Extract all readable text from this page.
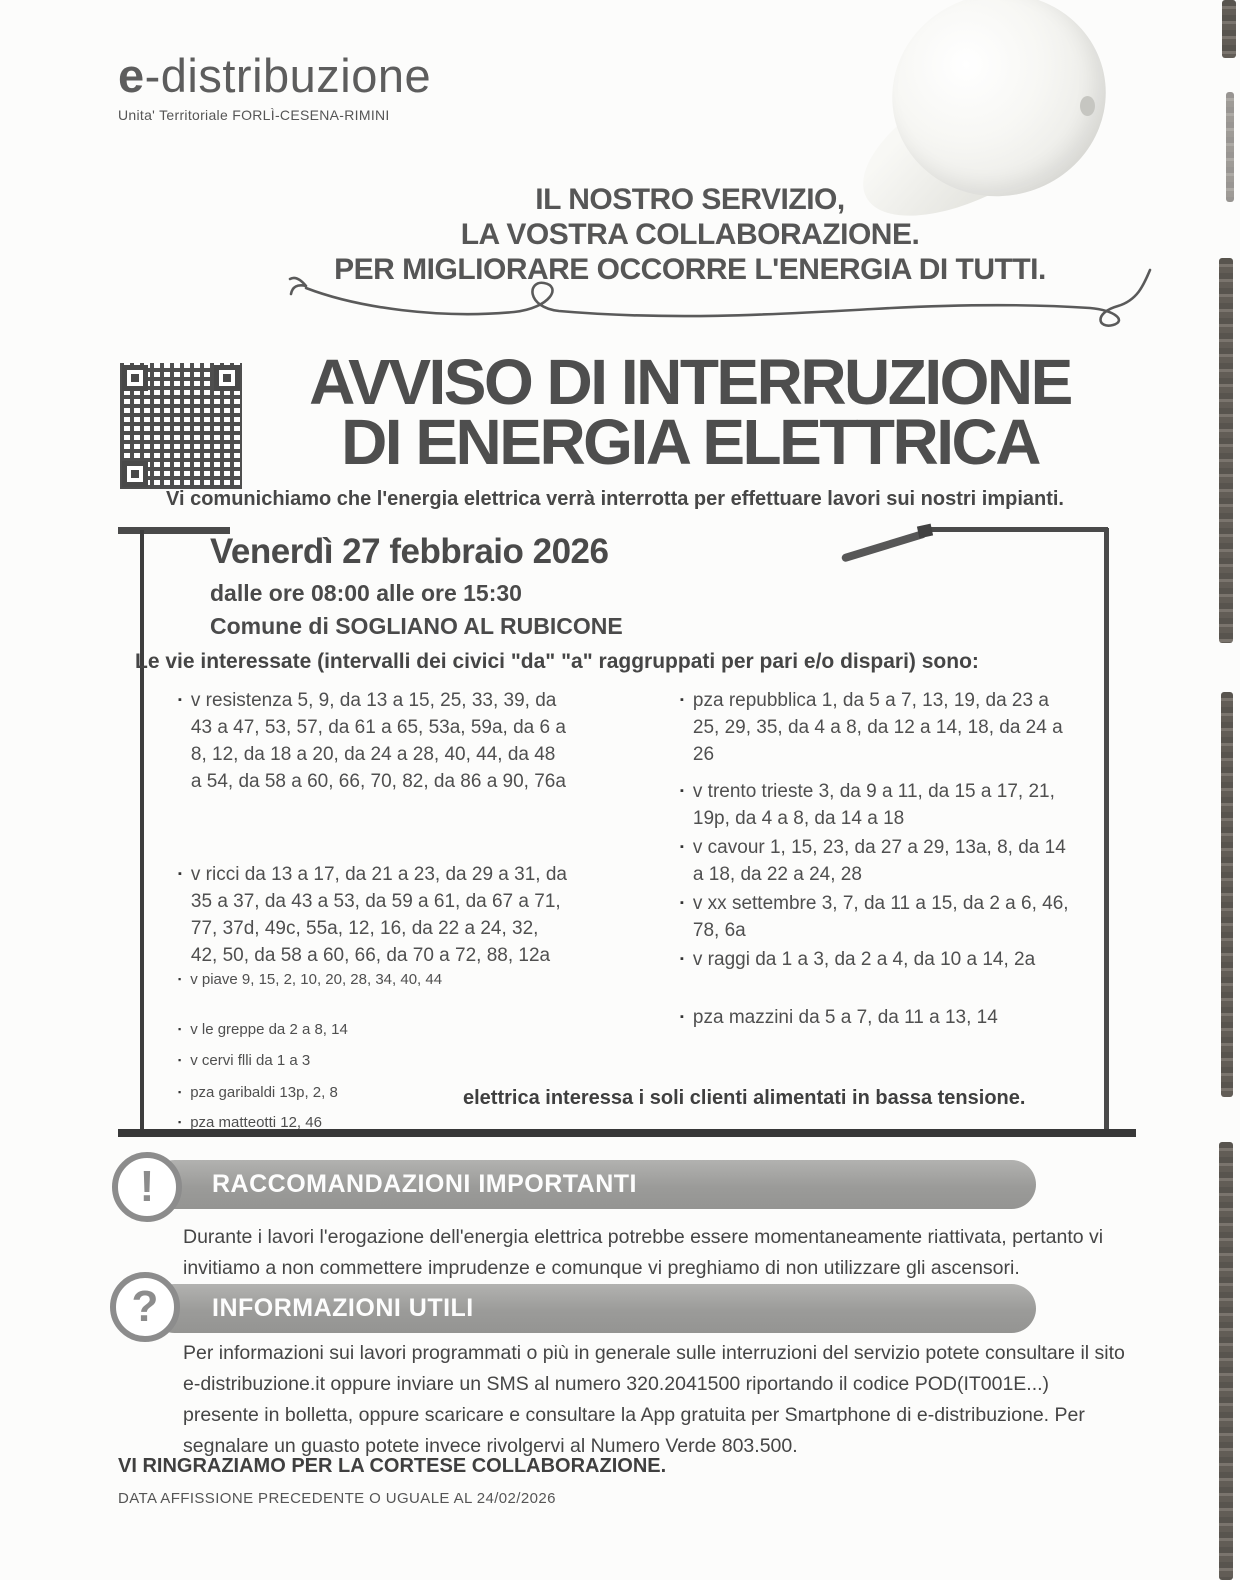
e-distribuzione
Unita' Territoriale FORLÌ-CESENA-RIMINI
IL NOSTRO SERVIZIO,
LA VOSTRA COLLABORAZIONE.
PER MIGLIORARE OCCORRE L'ENERGIA DI TUTTI.
AVVISO DI INTERRUZIONE
DI ENERGIA ELETTRICA
Vi comunichiamo che l'energia elettrica verrà interrotta per effettuare lavori sui nostri impianti.
Venerdì 27 febbraio 2026
dalle ore 08:00 alle ore 15:30
Comune di SOGLIANO AL RUBICONE
Le vie interessate (intervalli dei civici "da" "a" raggruppati per pari e/o dispari) sono:
▪ v resistenza 5, 9, da 13 a 15, 25, 33, 39, da 43 a 47, 53, 57, da 61 a 65, 53a, 59a, da 6 a 8, 12, da 18 a 20, da 24 a 28, 40, 44, da 48 a 54, da 58 a 60, 66, 70, 82, da 86 a 90, 76a
▪ v ricci da 13 a 17, da 21 a 23, da 29 a 31, da 35 a 37, da 43 a 53, da 59 a 61, da 67 a 71, 77, 37d, 49c, 55a, 12, 16, da 22 a 24, 32, 42, 50, da 58 a 60, 66, da 70 a 72, 88, 12a
▪ v piave 9, 15, 2, 10, 20, 28, 34, 40, 44
▪ v le greppe da 2 a 8, 14
▪ v cervi flli da 1 a 3
▪ pza garibaldi 13p, 2, 8
▪ pza matteotti 12, 46
▪ pza repubblica 1, da 5 a 7, 13, 19, da 23 a 25, 29, 35, da 4 a 8, da 12 a 14, 18, da 24 a 26
▪ v trento trieste 3, da 9 a 11, da 15 a 17, 21, 19p, da 4 a 8, da 14 a 18
▪ v cavour 1, 15, 23, da 27 a 29, 13a, 8, da 14 a 18, da 22 a 24, 28
▪ v xx settembre 3, 7, da 11 a 15, da 2 a 6, 46, 78, 6a
▪ v raggi da 1 a 3, da 2 a 4, da 10 a 14, 2a
▪ pza mazzini da 5 a 7, da 11 a 13, 14
elettrica interessa i soli clienti alimentati in bassa tensione.
! RACCOMANDAZIONI IMPORTANTI
Durante i lavori l'erogazione dell'energia elettrica potrebbe essere momentaneamente riattivata, pertanto vi invitiamo a non commettere imprudenze e comunque vi preghiamo di non utilizzare gli ascensori.
? INFORMAZIONI UTILI
Per informazioni sui lavori programmati o più in generale sulle interruzioni del servizio potete consultare il sito e-distribuzione.it oppure inviare un SMS al numero 320.2041500 riportando il codice POD(IT001E...) presente in bolletta, oppure scaricare e consultare la App gratuita per Smartphone di e-distribuzione. Per segnalare un guasto potete invece rivolgervi al Numero Verde 803.500.
VI RINGRAZIAMO PER LA CORTESE COLLABORAZIONE.
DATA AFFISSIONE PRECEDENTE O UGUALE AL 24/02/2026
